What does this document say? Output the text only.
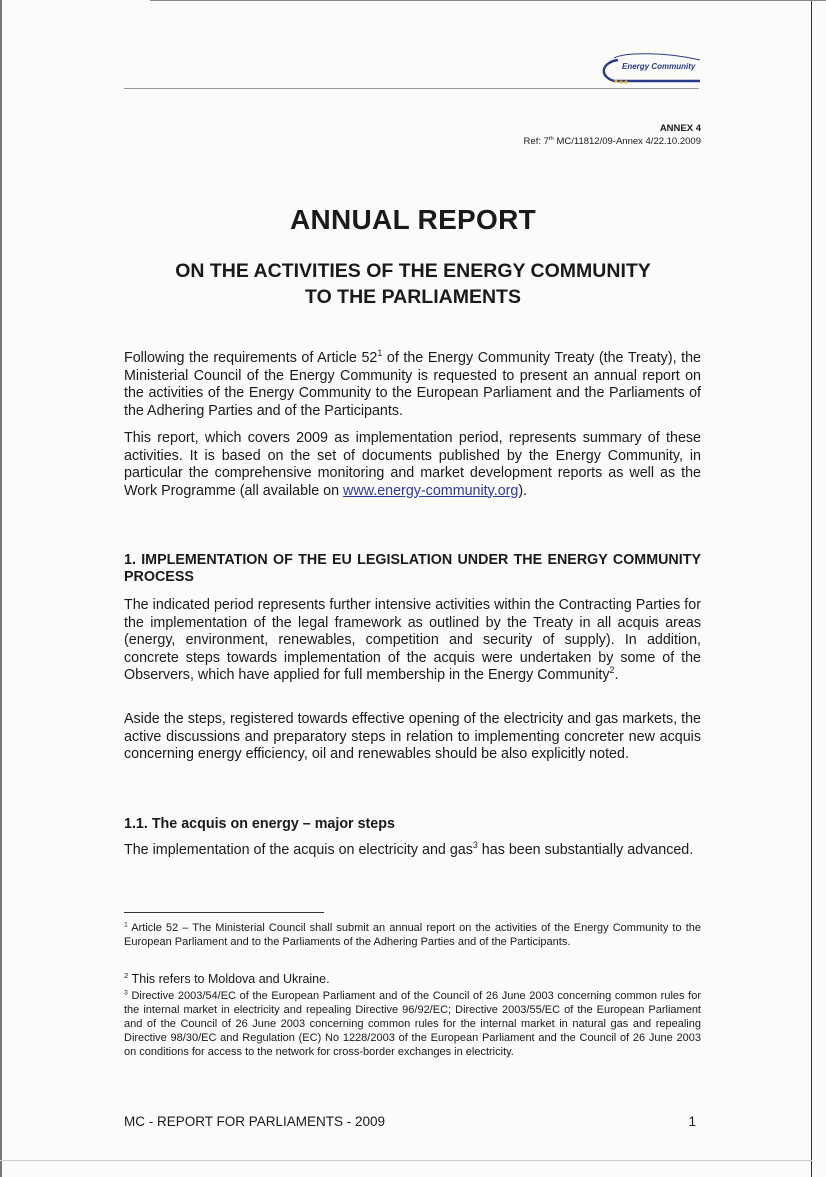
Energy Community
ANNEX 4
Ref: 7th MC/11812/09-Annex 4/22.10.2009
ANNUAL REPORT
ON THE ACTIVITIES OF THE ENERGY COMMUNITY
TO THE PARLIAMENTS
Following the requirements of Article $52^1$ of the Energy Community Treaty (the Treaty), the Ministerial Council of the Energy Community is requested to present an annual report on the activities of the Energy Community to the European Parliament and the Parliaments of the Adhering Parties and of the Participants.
This report, which covers 2009 as implementation period, represents summary of these activities. It is based on the set of documents published by the Energy Community, in particular the comprehensive monitoring and market development reports as well as the Work Programme (all available on www.energy-community.org).
1. IMPLEMENTATION OF THE EU LEGISLATION UNDER THE ENERGY COMMUNITY PROCESS
The indicated period represents further intensive activities within the Contracting Parties for the implementation of the legal framework as outlined by the Treaty in all acquis areas (energy, environment, renewables, competition and security of supply). In addition, concrete steps towards implementation of the acquis were undertaken by some of the Observers, which have applied for full membership in the Energy Community$^2$.
Aside the steps, registered towards effective opening of the electricity and gas markets, the active discussions and preparatory steps in relation to implementing concreter new acquis concerning energy efficiency, oil and renewables should be also explicitly noted.
1.1. The acquis on energy – major steps
The implementation of the acquis on electricity and gas$^3$ has been substantially advanced.
$^1$ Article 52 – The Ministerial Council shall submit an annual report on the activities of the Energy Community to the European Parliament and to the Parliaments of the Adhering Parties and of the Participants.
$^2$ This refers to Moldova and Ukraine.
$^3$ Directive 2003/54/EC of the European Parliament and of the Council of 26 June 2003 concerning common rules for the internal market in electricity and repealing Directive 96/92/EC; Directive 2003/55/EC of the European Parliament and of the Council of 26 June 2003 concerning common rules for the internal market in natural gas and repealing Directive 98/30/EC and Regulation (EC) No 1228/2003 of the European Parliament and the Council of 26 June 2003 on conditions for access to the network for cross-border exchanges in electricity.
MC - REPORT FOR PARLIAMENTS - 2009	1
